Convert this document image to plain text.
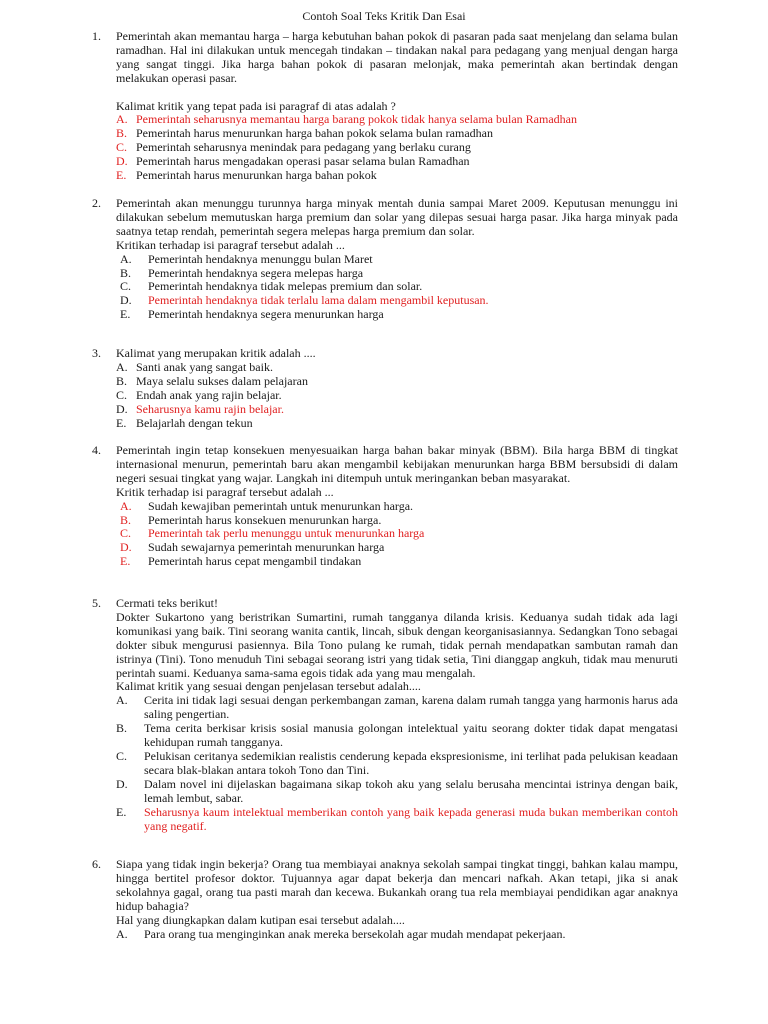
Contoh Soal Teks Kritik Dan Esai
1. Pemerintah akan memantau harga – harga kebutuhan bahan pokok di pasaran pada saat menjelang dan selama bulan ramadhan. Hal ini dilakukan untuk mencegah tindakan – tindakan nakal para pedagang yang menjual dengan harga yang sangat tinggi. Jika harga bahan pokok di pasaran melonjak, maka pemerintah akan bertindak dengan melakukan operasi pasar.
Kalimat kritik yang tepat pada isi paragraf di atas adalah ?
A. Pemerintah seharusnya memantau harga barang pokok tidak hanya selama bulan Ramadhan
B. Pemerintah harus menurunkan harga bahan pokok selama bulan ramadhan
C. Pemerintah seharusnya menindak para pedagang yang berlaku curang
D. Pemerintah harus mengadakan operasi pasar selama bulan Ramadhan
E. Pemerintah harus menurunkan harga bahan pokok
2. Pemerintah akan menunggu turunnya harga minyak mentah dunia sampai Maret 2009. Keputusan menunggu ini dilakukan sebelum memutuskan harga premium dan solar yang dilepas sesuai harga pasar. Jika harga minyak pada saatnya tetap rendah, pemerintah segera melepas harga premium dan solar.
Kritikan terhadap isi paragraf tersebut adalah ...
A. Pemerintah hendaknya menunggu bulan Maret
B. Pemerintah hendaknya segera melepas harga
C. Pemerintah hendaknya tidak melepas premium dan solar.
D. Pemerintah hendaknya tidak terlalu lama dalam mengambil keputusan.
E. Pemerintah hendaknya segera menurunkan harga
3. Kalimat yang merupakan kritik adalah ....
A. Santi anak yang sangat baik.
B. Maya selalu sukses dalam pelajaran
C. Endah anak yang rajin belajar.
D. Seharusnya kamu rajin belajar.
E. Belajarlah dengan tekun
4. Pemerintah ingin tetap konsekuen menyesuaikan harga bahan bakar minyak (BBM). Bila harga BBM di tingkat internasional menurun, pemerintah baru akan mengambil kebijakan menurunkan harga BBM bersubsidi di dalam negeri sesuai tingkat yang wajar. Langkah ini ditempuh untuk meringankan beban masyarakat.
Kritik terhadap isi paragraf tersebut adalah ...
A. Sudah kewajiban pemerintah untuk menurunkan harga.
B. Pemerintah harus konsekuen menurunkan harga.
C. Pemerintah tak perlu menunggu untuk menurunkan harga
D. Sudah sewajarnya pemerintah menurunkan harga
E. Pemerintah harus cepat mengambil tindakan
5. Cermati teks berikut!
Dokter Sukartono yang beristrikan Sumartini, rumah tangganya dilanda krisis. Keduanya sudah tidak ada lagi komunikasi yang baik. Tini seorang wanita cantik, lincah, sibuk dengan keorganisasiannya. Sedangkan Tono sebagai dokter sibuk mengurusi pasiennya. Bila Tono pulang ke rumah, tidak pernah mendapatkan sambutan ramah dan istrinya (Tini). Tono menuduh Tini sebagai seorang istri yang tidak setia, Tini dianggap angkuh, tidak mau menuruti perintah suami. Keduanya sama-sama egois tidak ada yang mau mengalah.
Kalimat kritik yang sesuai dengan penjelasan tersebut adalah....
A. Cerita ini tidak lagi sesuai dengan perkembangan zaman, karena dalam rumah tangga yang harmonis harus ada saling pengertian.
B. Tema cerita berkisar krisis sosial manusia golongan intelektual yaitu seorang dokter tidak dapat mengatasi kehidupan rumah tangganya.
C. Pelukisan ceritanya sedemikian realistis cenderung kepada ekspresionisme, ini terlihat pada pelukisan keadaan secara blak-blakan antara tokoh Tono dan Tini.
D. Dalam novel ini dijelaskan bagaimana sikap tokoh aku yang selalu berusaha mencintai istrinya dengan baik, lemah lembut, sabar.
E. Seharusnya kaum intelektual memberikan contoh yang baik kepada generasi muda bukan memberikan contoh yang negatif.
6. Siapa yang tidak ingin bekerja? Orang tua membiayai anaknya sekolah sampai tingkat tinggi, bahkan kalau mampu, hingga bertitel profesor doktor. Tujuannya agar dapat bekerja dan mencari nafkah. Akan tetapi, jika si anak sekolahnya gagal, orang tua pasti marah dan kecewa. Bukankah orang tua rela membiayai pendidikan agar anaknya hidup bahagia?
Hal yang diungkapkan dalam kutipan esai tersebut adalah....
A. Para orang tua menginginkan anak mereka bersekolah agar mudah mendapat pekerjaan.
